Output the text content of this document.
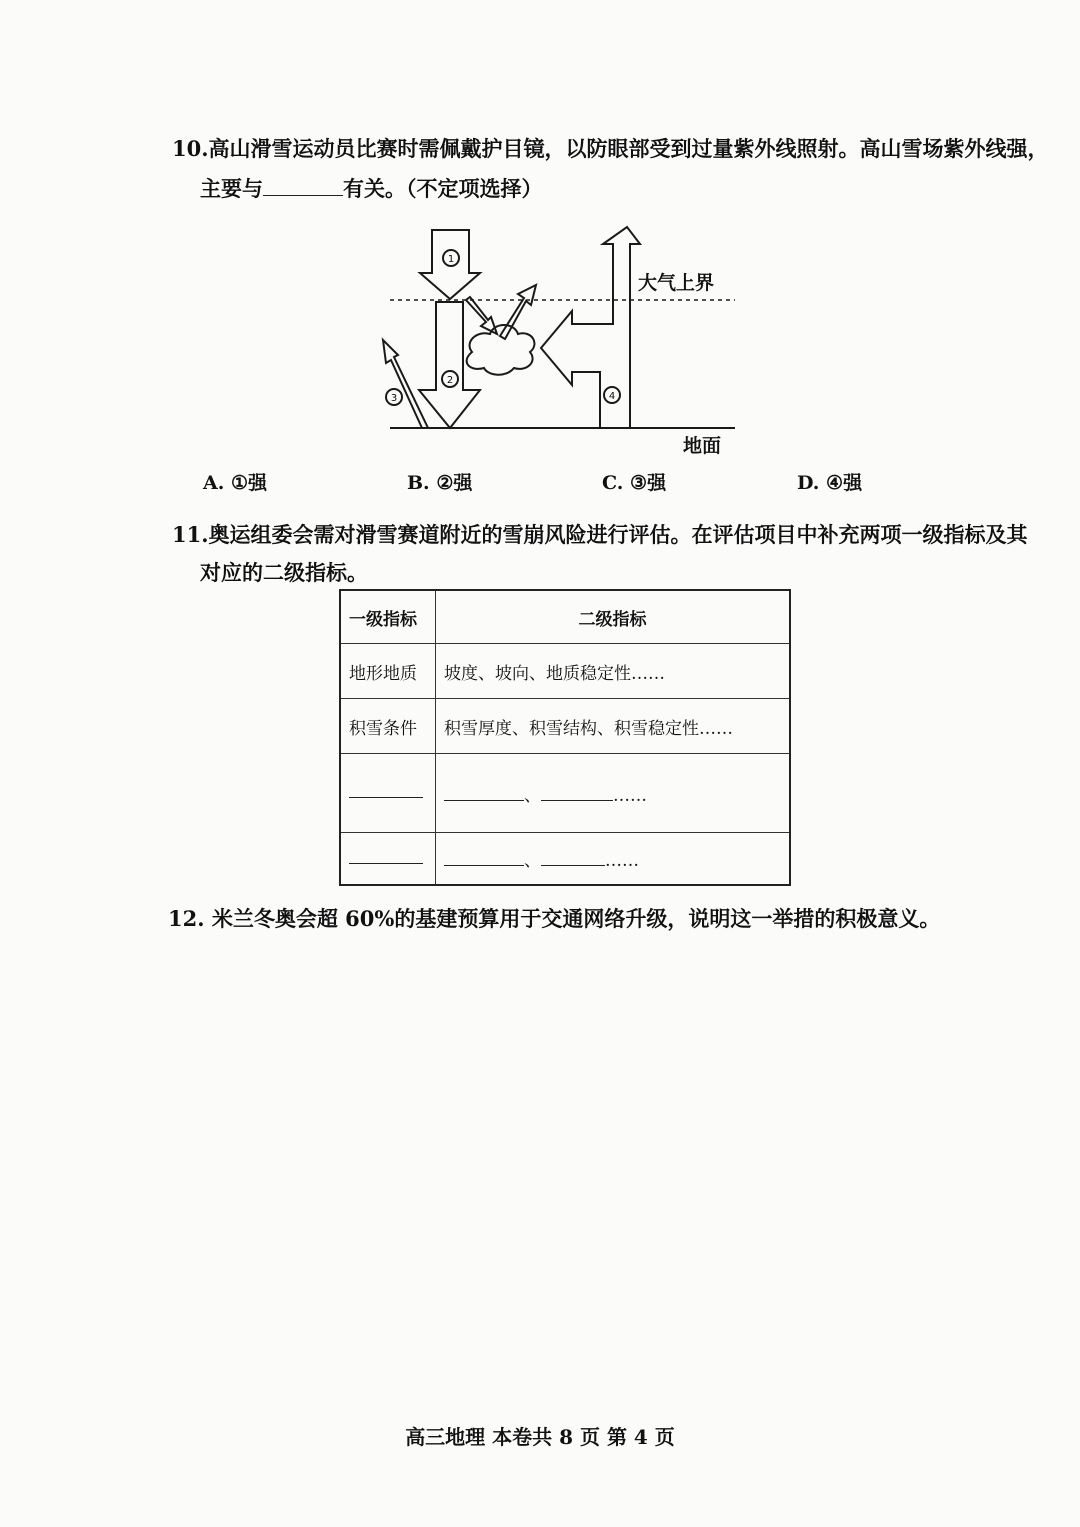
10.高山滑雪运动员比赛时需佩戴护目镜，以防眼部受到过量紫外线照射。高山雪场紫外线强，
主要与	有关。（不定项选择）
1
2
3	4
大气上界
地面
A. ①强	B. ②强	C. ③强	D. ④强
11.奥运组委会需对滑雪赛道附近的雪崩风险进行评估。在评估项目中补充两项一级指标及其
对应的二级指标。
一级指标	二级指标
地形地质	坡度、坡向、地质稳定性……
积雪条件	积雪厚度、积雪结构、积雪稳定性……
	、 ……
	、 ……
12. 米兰冬奥会超 60%的基建预算用于交通网络升级，说明这一举措的积极意义。
高三地理 本卷共 8 页 第 4 页
